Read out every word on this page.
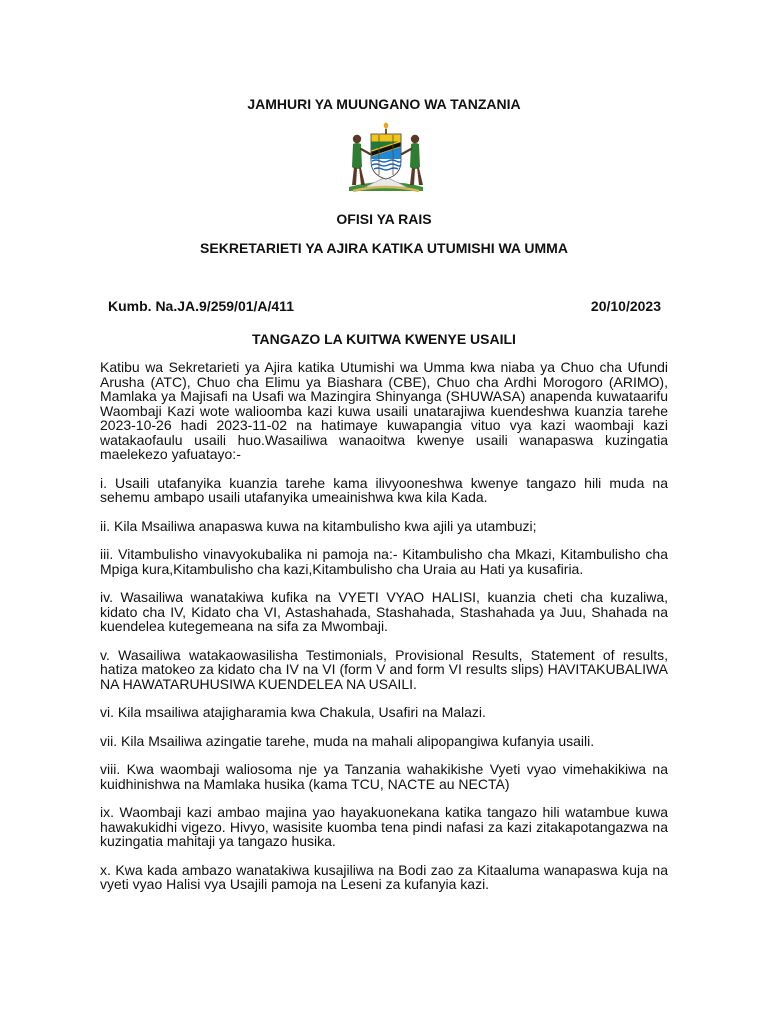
JAMHURI YA MUUNGANO WA TANZANIA
OFISI YA RAIS
SEKRETARIETI YA AJIRA KATIKA UTUMISHI WA UMMA
Kumb. Na.JA.9/259/01/A/411	20/10/2023
TANGAZO LA KUITWA KWENYE USAILI

Katibu wa Sekretarieti ya Ajira katika Utumishi wa Umma kwa niaba ya Chuo cha Ufundi Arusha (ATC), Chuo cha Elimu ya Biashara (CBE), Chuo cha Ardhi Morogoro (ARIMO), Mamlaka ya Majisafi na Usafi wa Mazingira Shinyanga (SHUWASA) anapenda kuwataarifu Waombaji Kazi wote walioomba kazi kuwa usaili unatarajiwa kuendeshwa kuanzia tarehe 2023-10-26 hadi 2023-11-02 na hatimaye kuwapangia vituo vya kazi waombaji kazi watakaofaulu usaili huo.Wasailiwa wanaoitwa kwenye usaili wanapaswa kuzingatia maelekezo yafuatayo:-

i. Usaili utafanyika kuanzia tarehe kama ilivyooneshwa kwenye tangazo hili muda na sehemu ambapo usaili utafanyika umeainishwa kwa kila Kada.

ii. Kila Msailiwa anapaswa kuwa na kitambulisho kwa ajili ya utambuzi;

iii. Vitambulisho vinavyokubalika ni pamoja na:- Kitambulisho cha Mkazi, Kitambulisho cha Mpiga kura,Kitambulisho cha kazi,Kitambulisho cha Uraia au Hati ya kusafiria.

iv. Wasailiwa wanatakiwa kufika na VYETI VYAO HALISI, kuanzia cheti cha kuzaliwa, kidato cha IV, Kidato cha VI, Astashahada, Stashahada, Stashahada ya Juu, Shahada na kuendelea kutegemeana na sifa za Mwombaji.

v. Wasailiwa watakaowasilisha Testimonials, Provisional Results, Statement of results, hatiza matokeo za kidato cha IV na VI (form V and form VI results slips) HAVITAKUBALIWA NA HAWATARUHUSIWA KUENDELEA NA USAILI.

vi. Kila msailiwa atajigharamia kwa Chakula, Usafiri na Malazi.

vii. Kila Msailiwa azingatie tarehe, muda na mahali alipopangiwa kufanyia usaili.

viii. Kwa waombaji waliosoma nje ya Tanzania wahakikishe Vyeti vyao vimehakikiwa na kuidhinishwa na Mamlaka husika (kama TCU, NACTE au NECTA)

ix. Waombaji kazi ambao majina yao hayakuonekana katika tangazo hili watambue kuwa hawakukidhi vigezo. Hivyo, wasisite kuomba tena pindi nafasi za kazi zitakapotangazwa na kuzingatia mahitaji ya tangazo husika.

x. Kwa kada ambazo wanatakiwa kusajiliwa na Bodi zao za Kitaaluma wanapaswa kuja na vyeti vyao Halisi vya Usajili pamoja na Leseni za kufanyia kazi.
